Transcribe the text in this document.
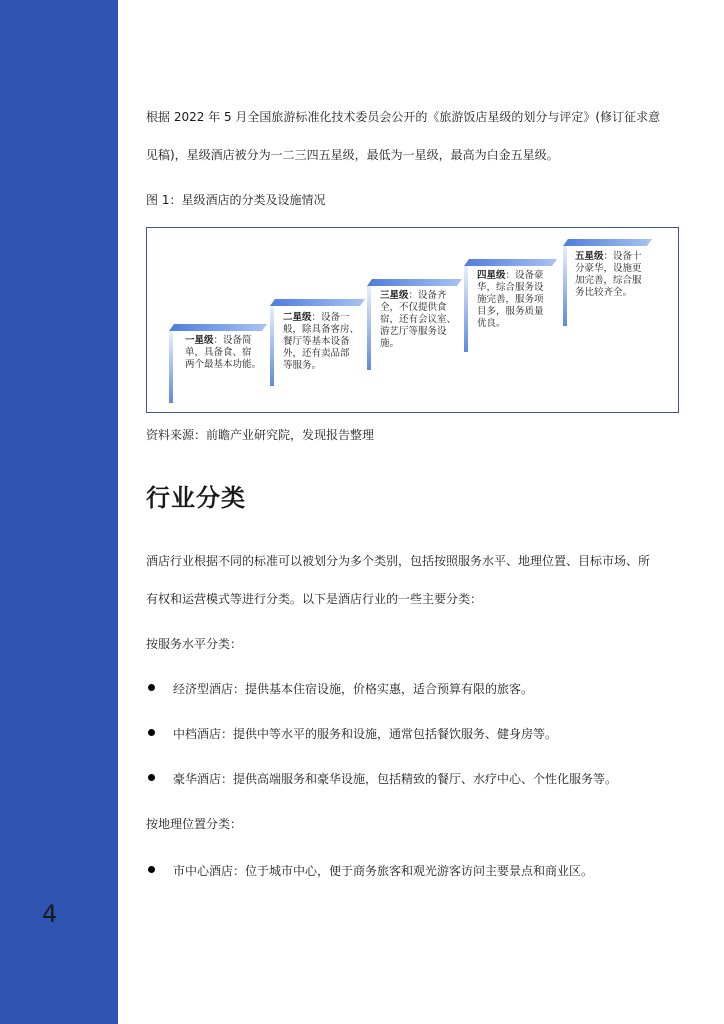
4
根据 2022 年 5 月全国旅游标准化技术委员会公开的《旅游饭店星级的划分与评定》(修订征求意
见稿)，星级酒店被分为一二三四五星级，最低为一星级，最高为白金五星级。
图 1：星级酒店的分类及设施情况
一星级：设备简
单，具备食、宿
两个最基本功能。
二星级：设备一
般，除具备客房、
餐厅等基本设备
外，还有卖品部
等服务。
三星级：设备齐
全，不仅提供食
宿，还有会议室、
游艺厅等服务设
施。
四星级：设备豪
华，综合服务设
施完善，服务项
目多，服务质量
优良。
五星级：设备十
分豪华，设施更
加完善，综合服
务比较齐全。
资料来源：前瞻产业研究院，发现报告整理
行业分类
酒店行业根据不同的标准可以被划分为多个类别，包括按照服务水平、地理位置、目标市场、所
有权和运营模式等进行分类。以下是酒店行业的一些主要分类：
按服务水平分类：
经济型酒店：提供基本住宿设施，价格实惠，适合预算有限的旅客。
中档酒店：提供中等水平的服务和设施，通常包括餐饮服务、健身房等。
豪华酒店：提供高端服务和豪华设施，包括精致的餐厅、水疗中心、个性化服务等。
按地理位置分类：
市中心酒店：位于城市中心，便于商务旅客和观光游客访问主要景点和商业区。
